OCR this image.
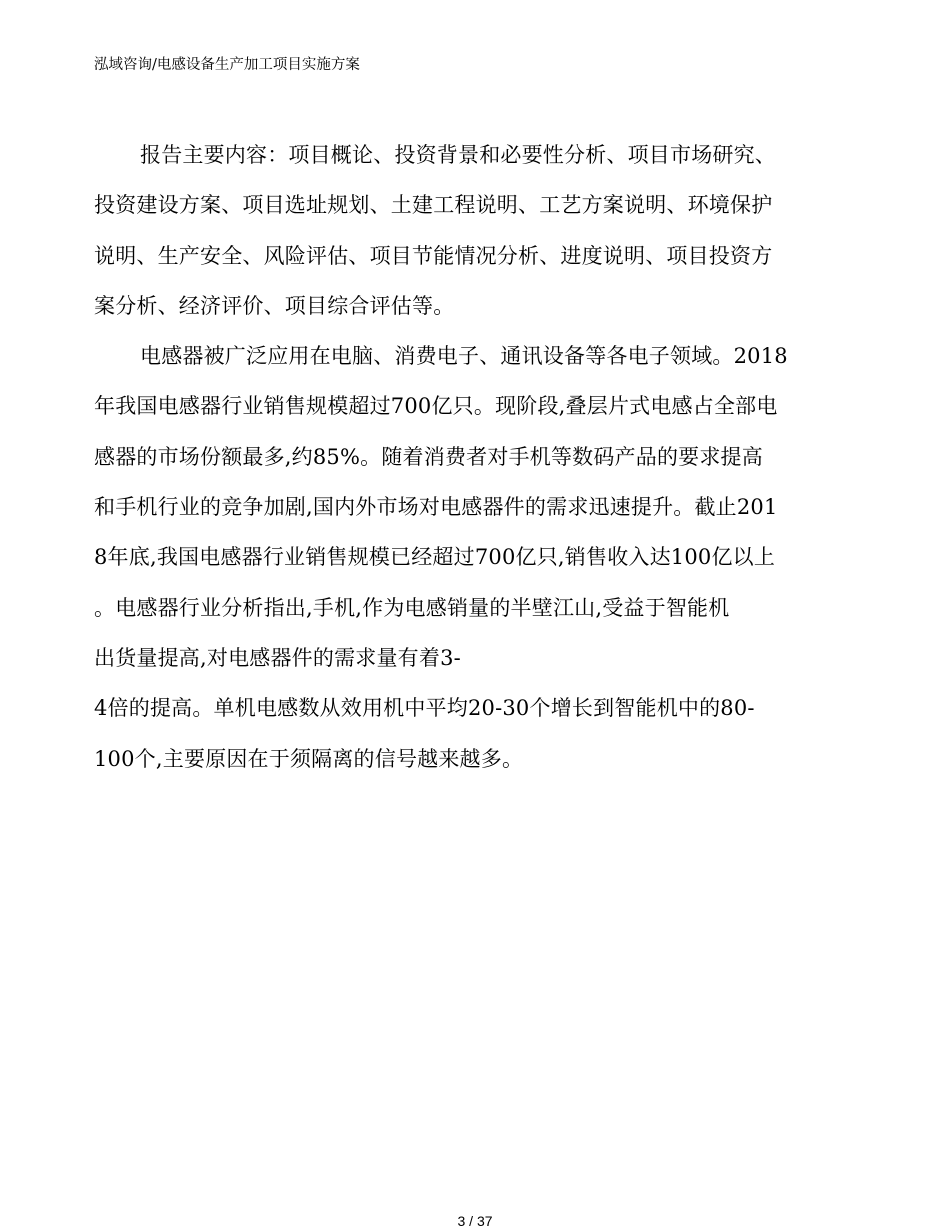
泓域咨询/电感设备生产加工项目实施方案
报告主要内容：项目概论、投资背景和必要性分析、项目市场研究、
投资建设方案、项目选址规划、土建工程说明、工艺方案说明、环境保护
说明、生产安全、风险评估、项目节能情况分析、进度说明、项目投资方
案分析、经济评价、项目综合评估等。
电感器被广泛应用在电脑、消费电子、通讯设备等各电子领域。2018
年我国电感器行业销售规模超过700亿只。现阶段,叠层片式电感占全部电
感器的市场份额最多,约85%。随着消费者对手机等数码产品的要求提高
和手机行业的竞争加剧,国内外市场对电感器件的需求迅速提升。截止201
8年底,我国电感器行业销售规模已经超过700亿只,销售收入达100亿以上
。电感器行业分析指出,手机,作为电感销量的半壁江山,受益于智能机
出货量提高,对电感器件的需求量有着3-
4倍的提高。单机电感数从效用机中平均20-30个增长到智能机中的80-
100个,主要原因在于须隔离的信号越来越多。
3 / 37
